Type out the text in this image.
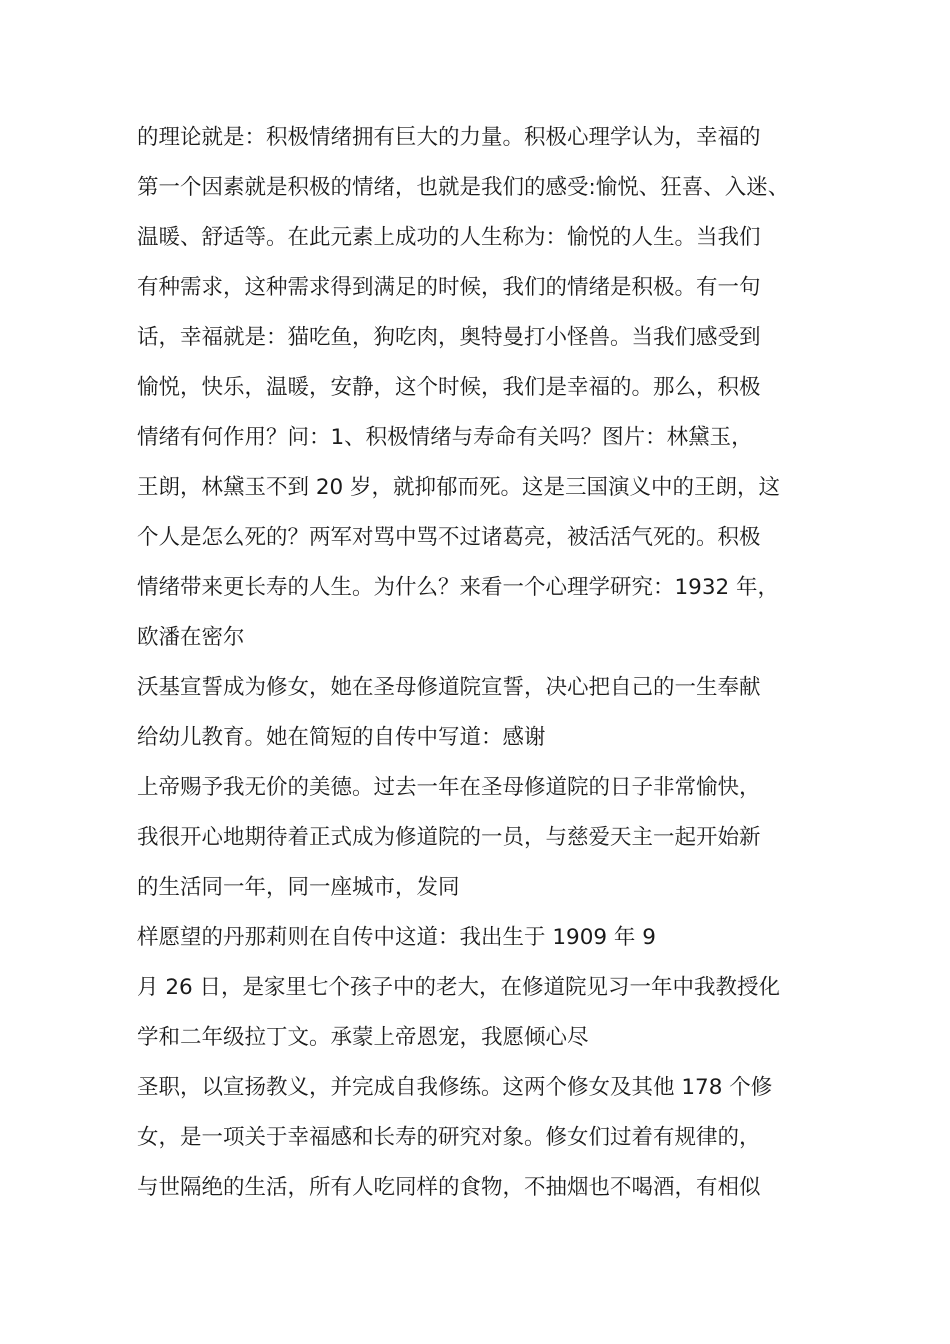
的理论就是：积极情绪拥有巨大的力量。积极心理学认为，幸福的
第一个因素就是积极的情绪，也就是我们的感受:愉悦、狂喜、入迷、
温暖、舒适等。在此元素上成功的人生称为：愉悦的人生。当我们
有种需求，这种需求得到满足的时候，我们的情绪是积极。有一句
话，幸福就是：猫吃鱼，狗吃肉，奥特曼打小怪兽。当我们感受到
愉悦，快乐，温暖，安静，这个时候，我们是幸福的。那么，积极
情绪有何作用？问：1、积极情绪与寿命有关吗？图片：林黛玉，
王朗，林黛玉不到 20 岁，就抑郁而死。这是三国演义中的王朗，这
个人是怎么死的？两军对骂中骂不过诸葛亮，被活活气死的。积极
情绪带来更长寿的人生。为什么？来看一个心理学研究：1932 年，
欧潘在密尔
沃基宣誓成为修女，她在圣母修道院宣誓，决心把自己的一生奉献
给幼儿教育。她在简短的自传中写道：感谢
上帝赐予我无价的美德。过去一年在圣母修道院的日子非常愉快，
我很开心地期待着正式成为修道院的一员，与慈爱天主一起开始新
的生活同一年，同一座城市，发同
样愿望的丹那莉则在自传中这道：我出生于 1909 年 9
月 26 日，是家里七个孩子中的老大，在修道院见习一年中我教授化
学和二年级拉丁文。承蒙上帝恩宠，我愿倾心尽
圣职，以宣扬教义，并完成自我修练。这两个修女及其他 178 个修
女，是一项关于幸福感和长寿的研究对象。修女们过着有规律的，
与世隔绝的生活，所有人吃同样的食物，不抽烟也不喝酒，有相似
